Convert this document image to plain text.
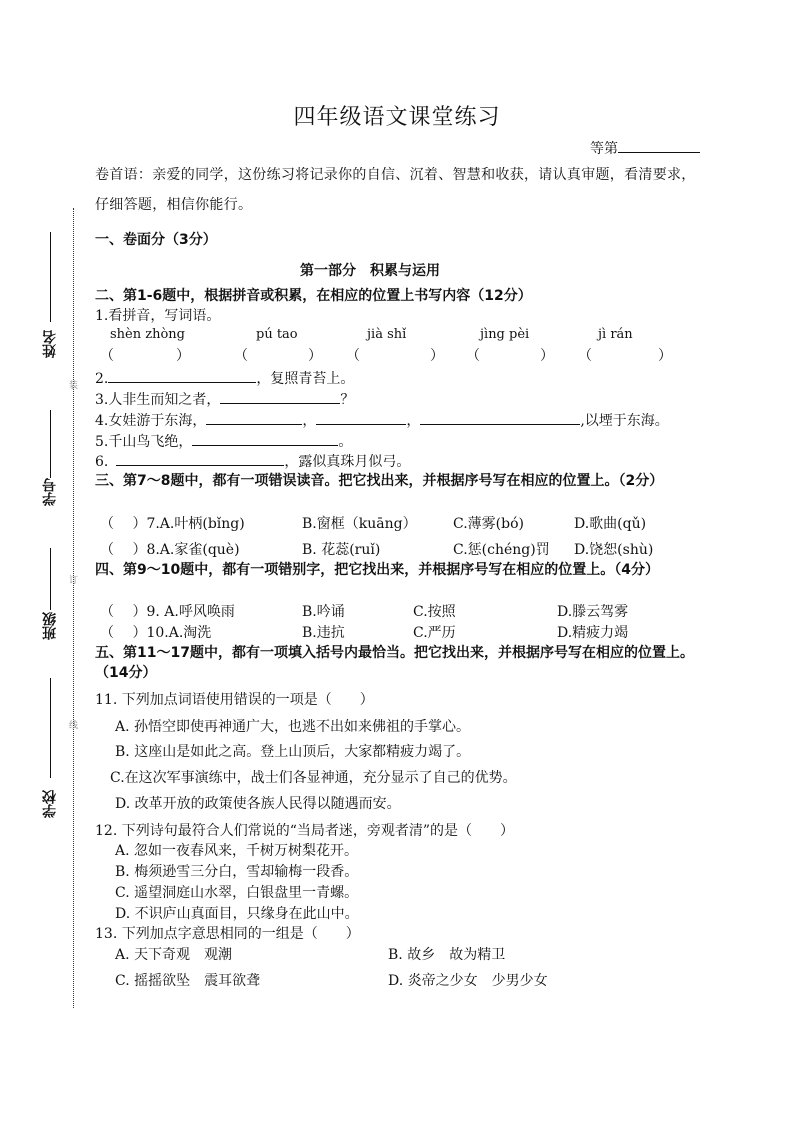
姓名
装
学号
订
班级
线
学校
四年级语文课堂练习
等第
卷首语：亲爱的同学，这份练习将记录你的自信、沉着、智慧和收获，请认真审题，看清要求，仔细答题，相信你能行。
一、卷面分（3分）
第一部分　积累与运用
二、第1-6题中，根据拼音或积累，在相应的位置上书写内容（12分）
1.看拼音，写词语。
shèn zhòng	pú tao	jià shǐ	jìng pèi	jì rán
（	）	（	） （	） （	） （	）
2.	，复照青苔上。
3.人非生而知之者，	？
4.女娃游于东海，	，	，	,以堙于东海。
5.千山鸟飞绝，	。
6.	，露似真珠月似弓。
三、第7～8题中，都有一项错误读音。把它找出来，并根据序号写在相应的位置上。（2分）
（　 ）7.A.叶柄(bǐng)	B.窗框（kuāng）	C.薄雾(bó)	D.歌曲(qǔ)
（　 ）8.A.家雀(què)	B. 花蕊(ruǐ)	C.惩(chéng)罚 D.饶恕(shù)
四、第9～10题中，都有一项错别字，把它找出来，并根据序号写在相应的位置上。（4分）
（　 ）9. A.呼风唤雨	B.吟诵	C.按照	D.滕云驾雾
（　 ）10.A.淘洗	B.违抗	C.严历	D.精疲力竭
五、第11～17题中，都有一项填入括号内最恰当。把它找出来，并根据序号写在相应的位置上。（14分）
11. 下列加点词语使用错误的一项是（　　）
A. 孙悟空即使再神通广大，也逃不出如来佛祖的手掌心。
B. 这座山是如此之高。登上山顶后，大家都精疲力竭了。
C.在这次军事演练中，战士们各显神通，充分显示了自己的优势。
D. 改革开放的政策使各族人民得以随遇而安。
12. 下列诗句最符合人们常说的“当局者迷，旁观者清”的是（　　）
A. 忽如一夜春风来，千树万树梨花开。
B. 梅须逊雪三分白，雪却输梅一段香。
C. 遥望洞庭山水翠，白银盘里一青螺。
D. 不识庐山真面目，只缘身在此山中。
13. 下列加点字意思相同的一组是（　　）
A. 天下奇观　观潮	B. 故乡　故为精卫
C. 摇摇欲坠　震耳欲聋	D. 炎帝之少女　少男少女
